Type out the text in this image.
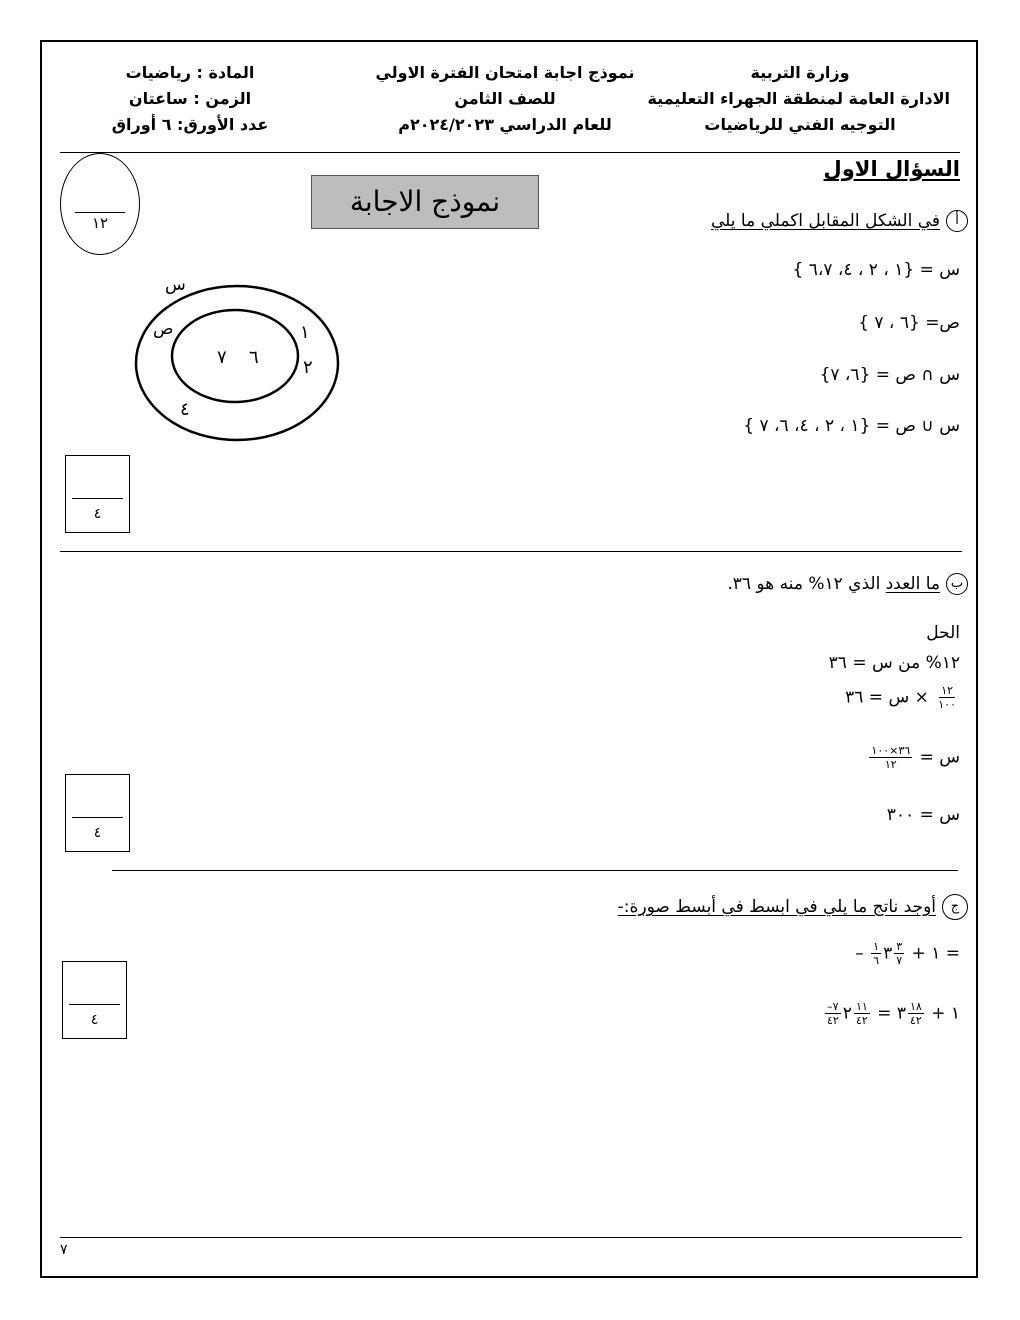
وزارة التربية
الادارة العامة لمنطقة الجهراء التعليمية
التوجيه الفني للرياضيات
نموذج اجابة امتحان الفترة الاولي
للصف الثامن
للعام الدراسي ٢٠٢٤/٢٠٢٣م
المادة : رياضيات
الزمن : ساعتان
عدد الأورق: ٦ أوراق
السؤال الاول
١٢
نموذج الاجابة
أفي الشكل المقابل اكملي ما يلي
س = {١ ، ٢ ، ٤، ٦،٧ }
ص= {٦ ، ٧ }
س ∩ ص = {٦، ٧}
س ∪ ص = {١ ، ٢ ، ٤، ٦، ٧ }
س
ص	١
٢
٤
٦
٧
٤
بما العدد الذي ١٢% منه هو ٣٦.
الحل
١٢% من س = ٣٦
$\frac{١٢}{١٠٠}$
× س = ٣٦
س =
$\frac{٣٦\times ١٠٠}{١٢}$
س = ٣٠٠
٤
جأوجد ناتج ما يلي في ابسط في أبسط صورة:-
– $\frac{١}{٦}$	١ +
$\frac{٣}{٧}$
٣	=
$\frac{٧-}{٤٢}$	١ +
$\frac{١٨}{٤٢}$
٣ =
$\frac{١١}{٤٢}$
٢
٤
٧
